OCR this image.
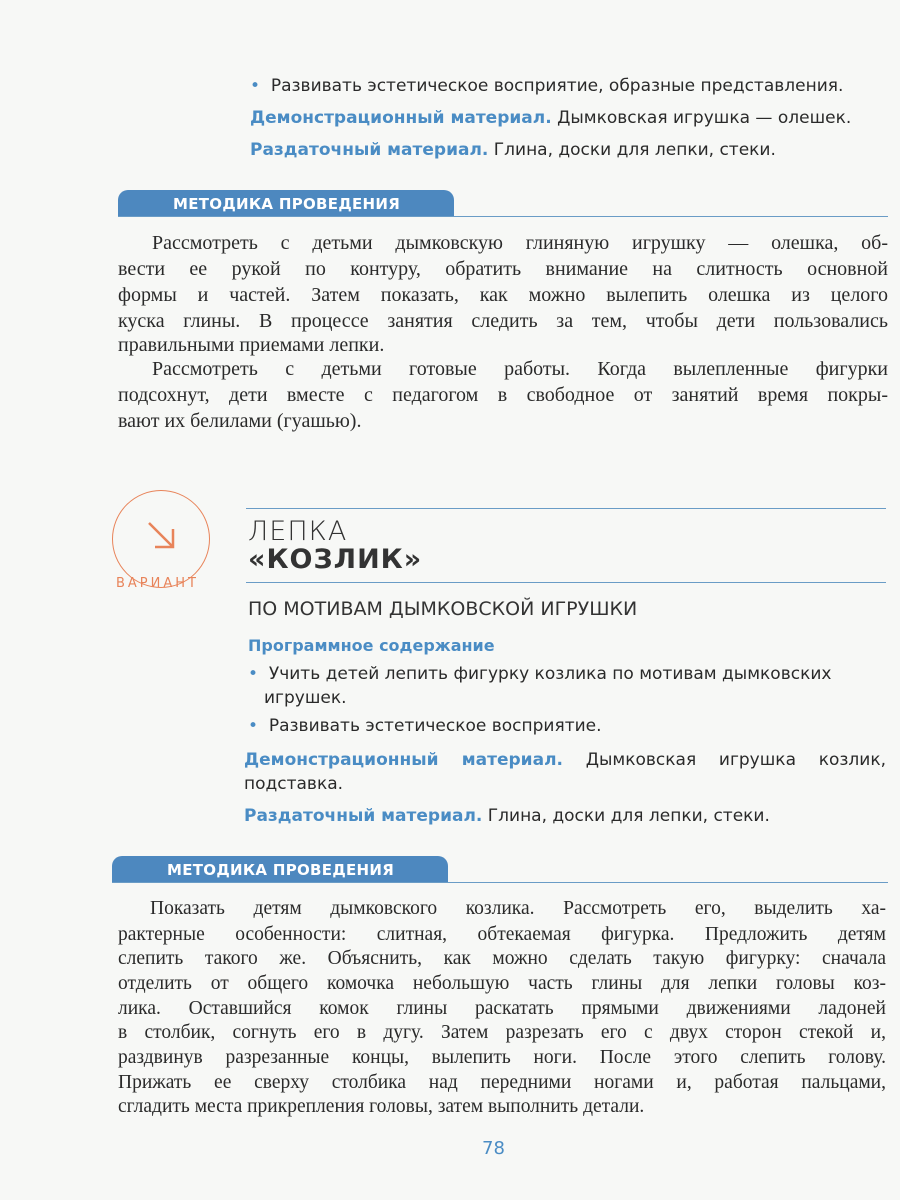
• Развивать эстетическое восприятие, образные представления.
Демонстрационный материал. Дымковская игрушка — олешек.
Раздаточный материал. Глина, доски для лепки, стеки.
МЕТОДИКА ПРОВЕДЕНИЯ
Рассмотреть с детьми дымковскую глиняную игрушку — олешка, об-
вести ее рукой по контуру, обратить внимание на слитность основной
формы и частей. Затем показать, как можно вылепить олешка из целого
куска глины. В процессе занятия следить за тем, чтобы дети пользовались
правильными приемами лепки.
Рассмотреть с детьми готовые работы. Когда вылепленные фигурки
подсохнут, дети вместе с педагогом в свободное от занятий время покры-
вают их белилами (гуашью).
ВАРИАНТ
ЛЕПКА
«КОЗЛИК»
ПО МОТИВАМ ДЫМКОВСКОЙ ИГРУШКИ
Программное содержание
• Учить детей лепить фигурку козлика по мотивам дымковских
игрушек.
• Развивать эстетическое восприятие.
Демонстрационный материал. Дымковская игрушка козлик,
подставка.
Раздаточный материал. Глина, доски для лепки, стеки.
МЕТОДИКА ПРОВЕДЕНИЯ
Показать детям дымковского козлика. Рассмотреть его, выделить ха-
рактерные особенности: слитная, обтекаемая фигурка. Предложить детям
слепить такого же. Объяснить, как можно сделать такую фигурку: сначала
отделить от общего комочка небольшую часть глины для лепки головы коз-
лика. Оставшийся комок глины раскатать прямыми движениями ладоней
в столбик, согнуть его в дугу. Затем разрезать его с двух сторон стекой и,
раздвинув разрезанные концы, вылепить ноги. После этого слепить голову.
Прижать ее сверху столбика над передними ногами и, работая пальцами,
сгладить места прикрепления головы, затем выполнить детали.
78
